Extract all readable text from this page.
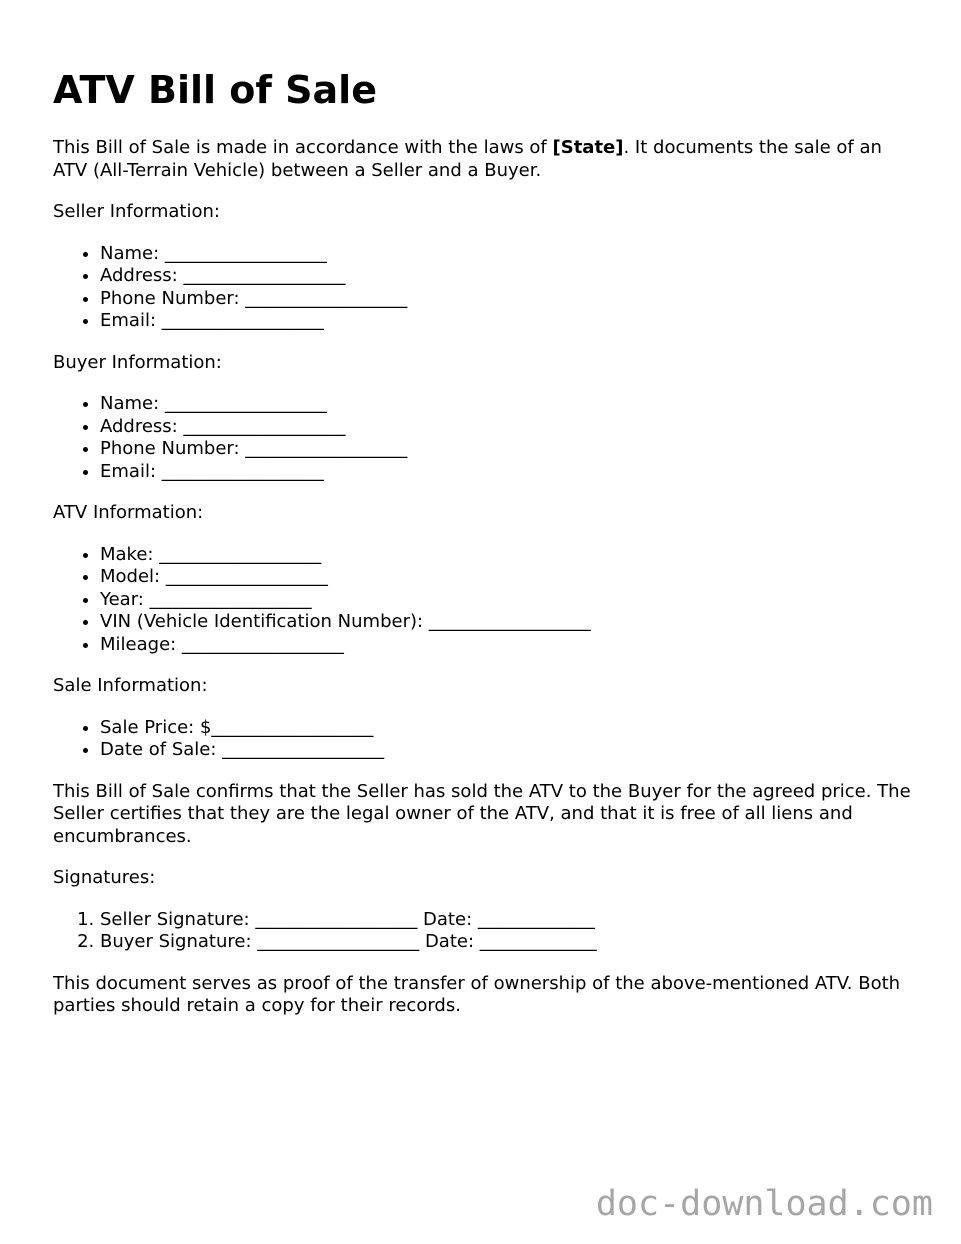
ATV Bill of Sale

This Bill of Sale is made in accordance with the laws of [State]. It documents the sale of an ATV (All-Terrain Vehicle) between a Seller and a Buyer.

Seller Information:

• Name: __________________
• Address: __________________
• Phone Number: __________________
• Email: __________________

Buyer Information:

• Name: __________________
• Address: __________________
• Phone Number: __________________
• Email: __________________

ATV Information:

• Make: __________________
• Model: __________________
• Year: __________________
• VIN (Vehicle Identification Number): __________________
• Mileage: __________________

Sale Information:

• Sale Price: $__________________
• Date of Sale: __________________

This Bill of Sale confirms that the Seller has sold the ATV to the Buyer for the agreed price. The Seller certifies that they are the legal owner of the ATV, and that it is free of all liens and encumbrances.

Signatures:

1. Seller Signature: __________________ Date: _____________
2. Buyer Signature: __________________ Date: _____________

This document serves as proof of the transfer of ownership of the above-mentioned ATV. Both parties should retain a copy for their records.

doc-download.com
